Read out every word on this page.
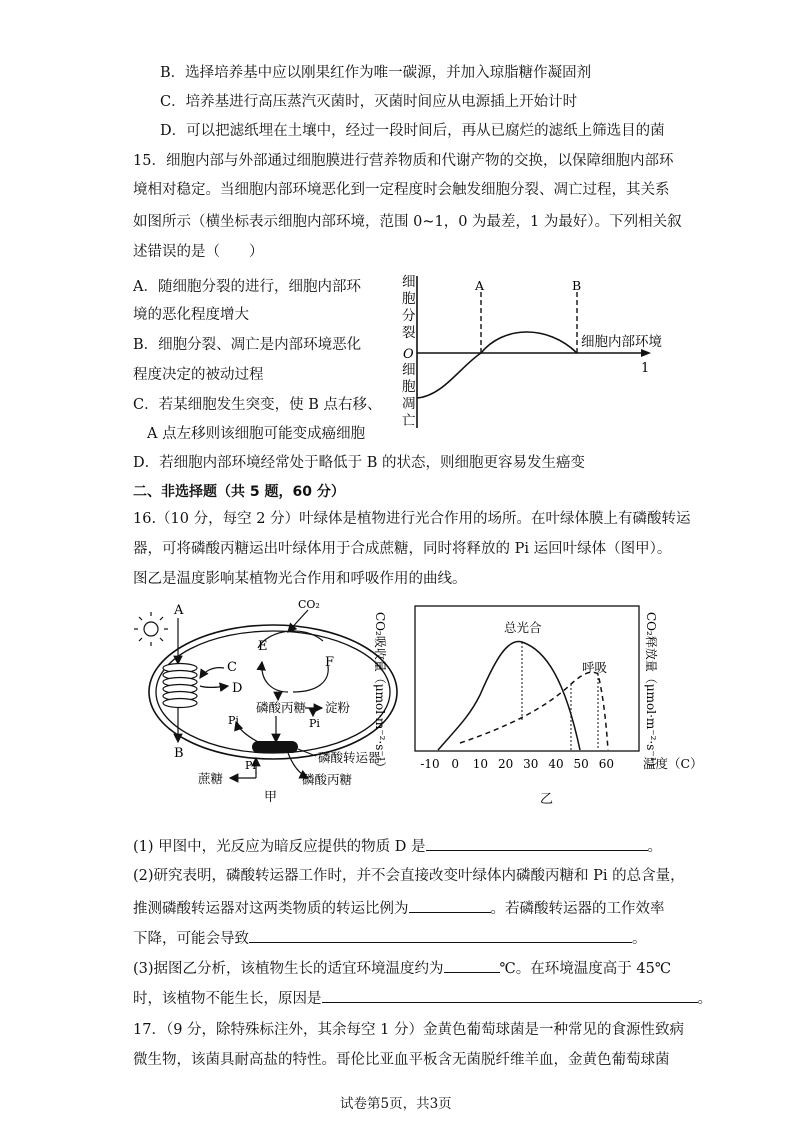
B．选择培养基中应以刚果红作为唯一碳源，并加入琼脂糖作凝固剂
C．培养基进行高压蒸汽灭菌时，灭菌时间应从电源插上开始计时
D．可以把滤纸埋在土壤中，经过一段时间后，再从已腐烂的滤纸上筛选目的菌
15．细胞内部与外部通过细胞膜进行营养物质和代谢产物的交换，以保障细胞内部环
境相对稳定。当细胞内部环境恶化到一定程度时会触发细胞分裂、凋亡过程，其关系
如图所示（横坐标表示细胞内部环境，范围 0~1，0 为最差，1 为最好）。下列相关叙
述错误的是（　　）
A．随细胞分裂的进行，细胞内部环
境的恶化程度增大
B．细胞分裂、凋亡是内部环境恶化
程度决定的被动过程
C．若某细胞发生突变，使 B 点右移、
A 点左移则该细胞可能变成癌细胞
D．若细胞内部环境经常处于略低于 B 的状态，则细胞更容易发生癌变
细 胞 分 裂
细 胞 凋 亡
O
A	B
细胞内部环境
1
二、非选择题（共 5 题，60 分）
16.（10 分，每空 2 分）叶绿体是植物进行光合作用的场所。在叶绿体膜上有磷酸转运
器，可将磷酸丙糖运出叶绿体用于合成蔗糖，同时将释放的 Pi 运回叶绿体（图甲）。
图乙是温度影响某植物光合作用和呼吸作用的曲线。
A
B
C
D
CO₂
E
F
磷酸丙糖 淀粉
Pi
Pi
磷酸转运器
磷酸丙糖
Pi
蔗糖
甲
CO₂吸收量（μmol·m⁻²·s⁻¹）	CO₂释放量（μmol·m⁻²·s⁻¹）
总光合
呼吸
-10 0 10 20 30 40 50 60 温度（C）
乙
(1) 甲图中，光反应为暗反应提供的物质 D 是	。
(2)研究表明，磷酸转运器工作时，并不会直接改变叶绿体内磷酸丙糖和 Pi 的总含量，
推测磷酸转运器对这两类物质的转运比例为	。若磷酸转运器的工作效率
下降，可能会导致	。
(3)据图乙分析，该植物生长的适宜环境温度约为	℃。在环境温度高于 45℃
时，该植物不能生长，原因是	。
17．（9 分，除特殊标注外，其余每空 1 分）金黄色葡萄球菌是一种常见的食源性致病
微生物，该菌具耐高盐的特性。哥伦比亚血平板含无菌脱纤维羊血，金黄色葡萄球菌
试卷第5页，共3页
